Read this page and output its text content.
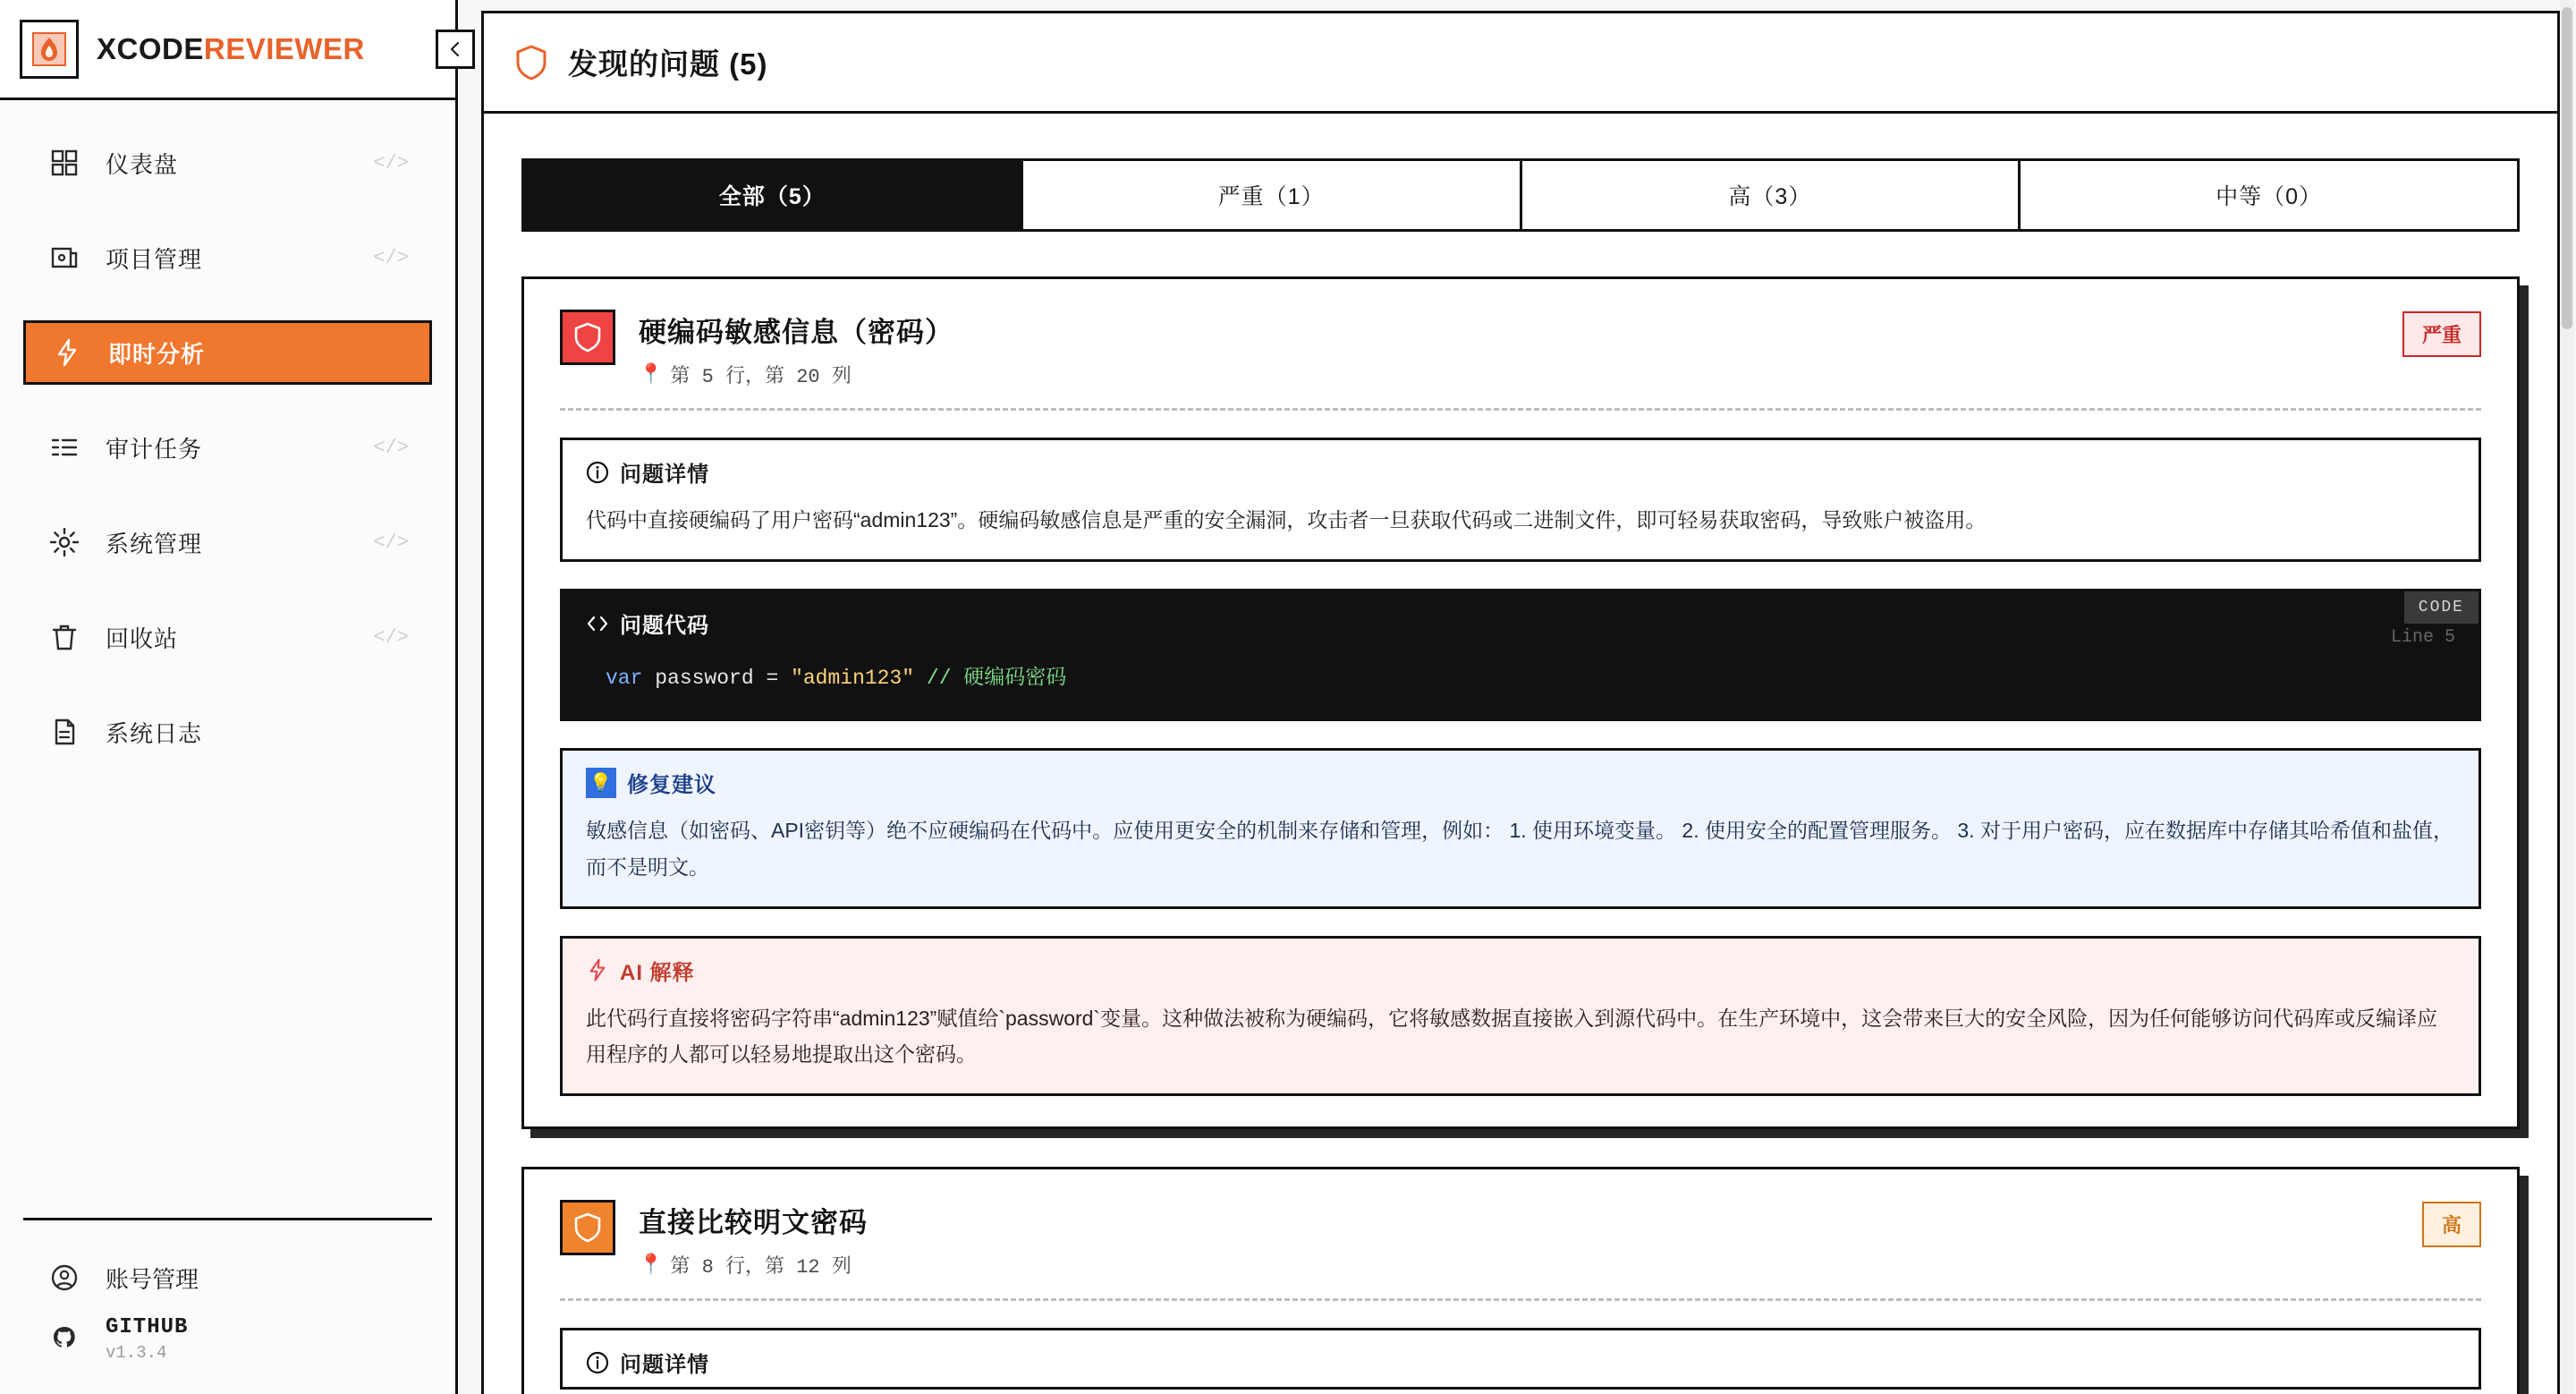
XCODEREVIEWER
仪表盘	</>
项目管理	</>
即时分析
审计任务	</>
系统管理	</>
回收站	</>
系统日志
账号管理
GITHUB
v1.3.4
发现的问题 (5)
全部（5）	严重（1）	高（3）	中等（0）
硬编码敏感信息（密码）
📍 第 5 行，第 20 列
严重
问题详情
代码中直接硬编码了用户密码“admin123”。硬编码敏感信息是严重的安全漏洞，攻击者一旦获取代码或二进制文件，即可轻易获取密码，导致账户被盗用。
CODE
Line 5
问题代码
var password = "admin123" // 硬编码密码
💡 修复建议
敏感信息（如密码、API密钥等）绝不应硬编码在代码中。应使用更安全的机制来存储和管理，例如： 1. 使用环境变量。 2. 使用安全的配置管理服务。 3. 对于用户密码，应在数据库中存储其哈希值和盐值，而不是明文。
AI 解释
此代码行直接将密码字符串“admin123”赋值给`password`变量。这种做法被称为硬编码，它将敏感数据直接嵌入到源代码中。在生产环境中，这会带来巨大的安全风险，因为任何能够访问代码库或反编译应用程序的人都可以轻易地提取出这个密码。
直接比较明文密码
📍 第 8 行，第 12 列
高
问题详情
